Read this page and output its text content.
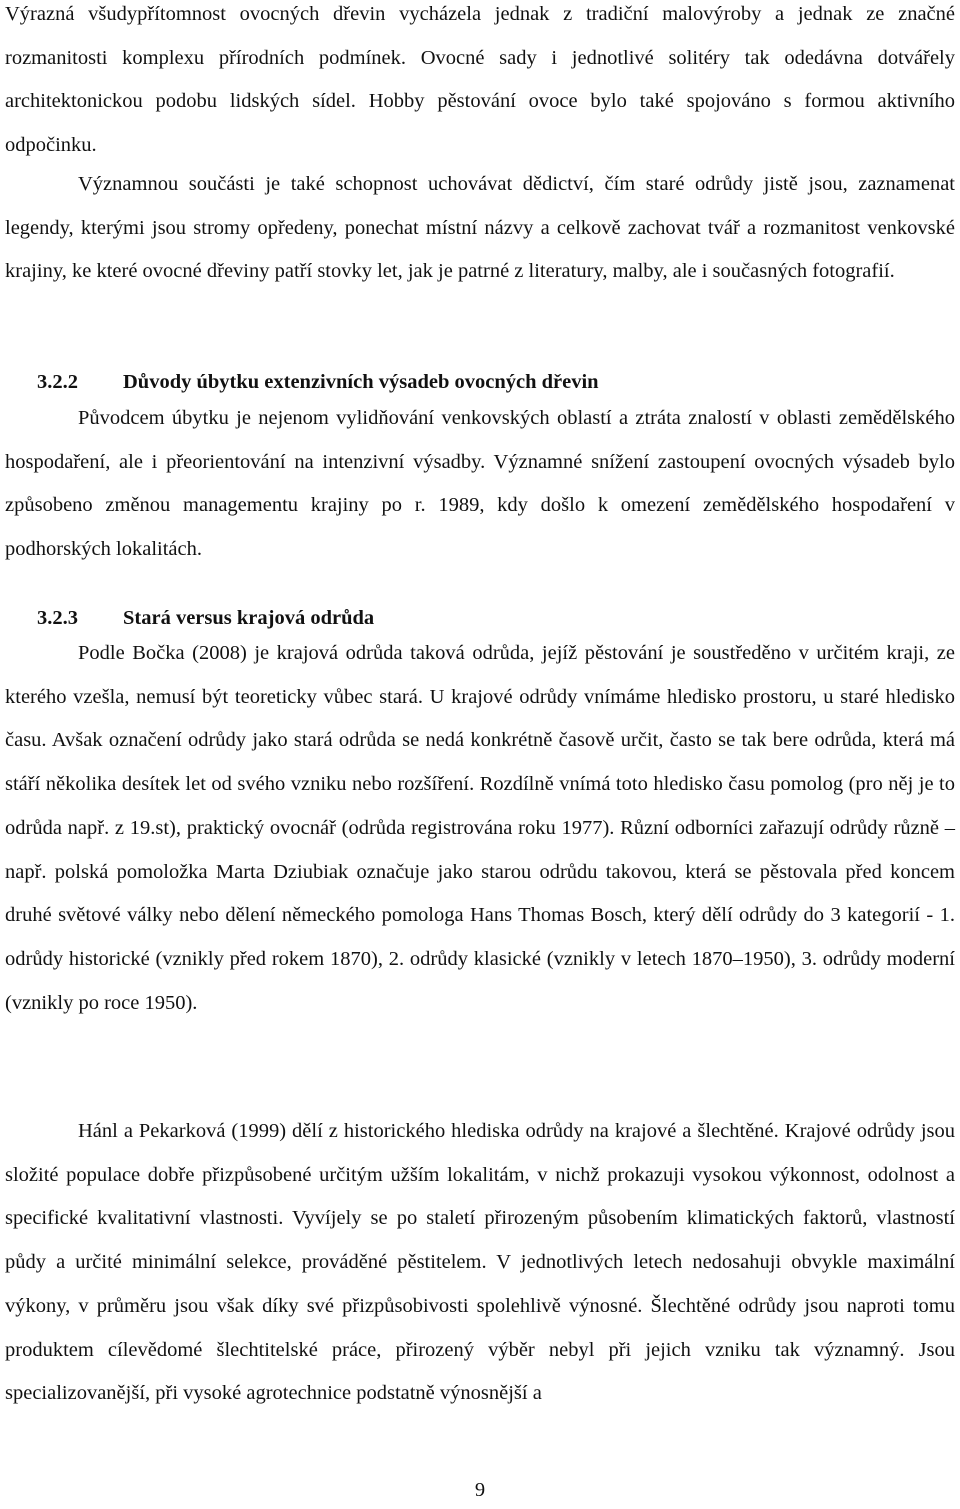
Výrazná všudypřítomnost ovocných dřevin vycházela jednak z tradiční malovýroby a jednak ze značné rozmanitosti komplexu přírodních podmínek. Ovocné sady i jednotlivé solitéry tak odedávna dotvářely architektonickou podobu lidských sídel. Hobby pěstování ovoce bylo také spojováno s formou aktivního odpočinku.

Významnou součásti je také schopnost uchovávat dědictví, čím staré odrůdy jistě jsou, zaznamenat legendy, kterými jsou stromy opředeny, ponechat místní názvy a celkově zachovat tvář a rozmanitost venkovské krajiny, ke které ovocné dřeviny patří stovky let, jak je patrné z literatury, malby, ale i současných fotografií.

3.2.2 Důvody úbytku extenzivních výsadeb ovocných dřevin

Původcem úbytku je nejenom vylidňování venkovských oblastí a ztráta znalostí v oblasti zemědělského hospodaření, ale i přeorientování na intenzivní výsadby. Významné snížení zastoupení ovocných výsadeb bylo způsobeno změnou managementu krajiny po r. 1989, kdy došlo k omezení zemědělského hospodaření v podhorských lokalitách.

3.2.3 Stará versus krajová odrůda

Podle Bočka (2008) je krajová odrůda taková odrůda, jejíž pěstování je soustředěno v určitém kraji, ze kterého vzešla, nemusí být teoreticky vůbec stará. U krajové odrůdy vnímáme hledisko prostoru, u staré hledisko času. Avšak označení odrůdy jako stará odrůda se nedá konkrétně časově určit, často se tak bere odrůda, která má stáří několika desítek let od svého vzniku nebo rozšíření. Rozdílně vnímá toto hledisko času pomolog (pro něj je to odrůda např. z 19.st), praktický ovocnář (odrůda registrována roku 1977). Různí odborníci zařazují odrůdy různě – např. polská pomoložka Marta Dziubiak označuje jako starou odrůdu takovou, která se pěstovala před koncem druhé světové války nebo dělení německého pomologa Hans Thomas Bosch, který dělí odrůdy do 3 kategorií - 1. odrůdy historické (vznikly před rokem 1870), 2. odrůdy klasické (vznikly v letech 1870–1950), 3. odrůdy moderní (vznikly po roce 1950).

Hánl a Pekarková (1999) dělí z historického hlediska odrůdy na krajové a šlechtěné. Krajové odrůdy jsou složité populace dobře přizpůsobené určitým užším lokalitám, v nichž prokazuji vysokou výkonnost, odolnost a specifické kvalitativní vlastnosti. Vyvíjely se po staletí přirozeným působením klimatických faktorů, vlastností půdy a určité minimální selekce, prováděné pěstitelem. V jednotlivých letech nedosahuji obvykle maximální výkony, v průměru jsou však díky své přizpůsobivosti spolehlivě výnosné. Šlechtěné odrůdy jsou naproti tomu produktem cílevědomé šlechtitelské práce, přirozený výběr nebyl při jejich vzniku tak významný. Jsou specializovanější, při vysoké agrotechnice podstatně výnosnější a

9
